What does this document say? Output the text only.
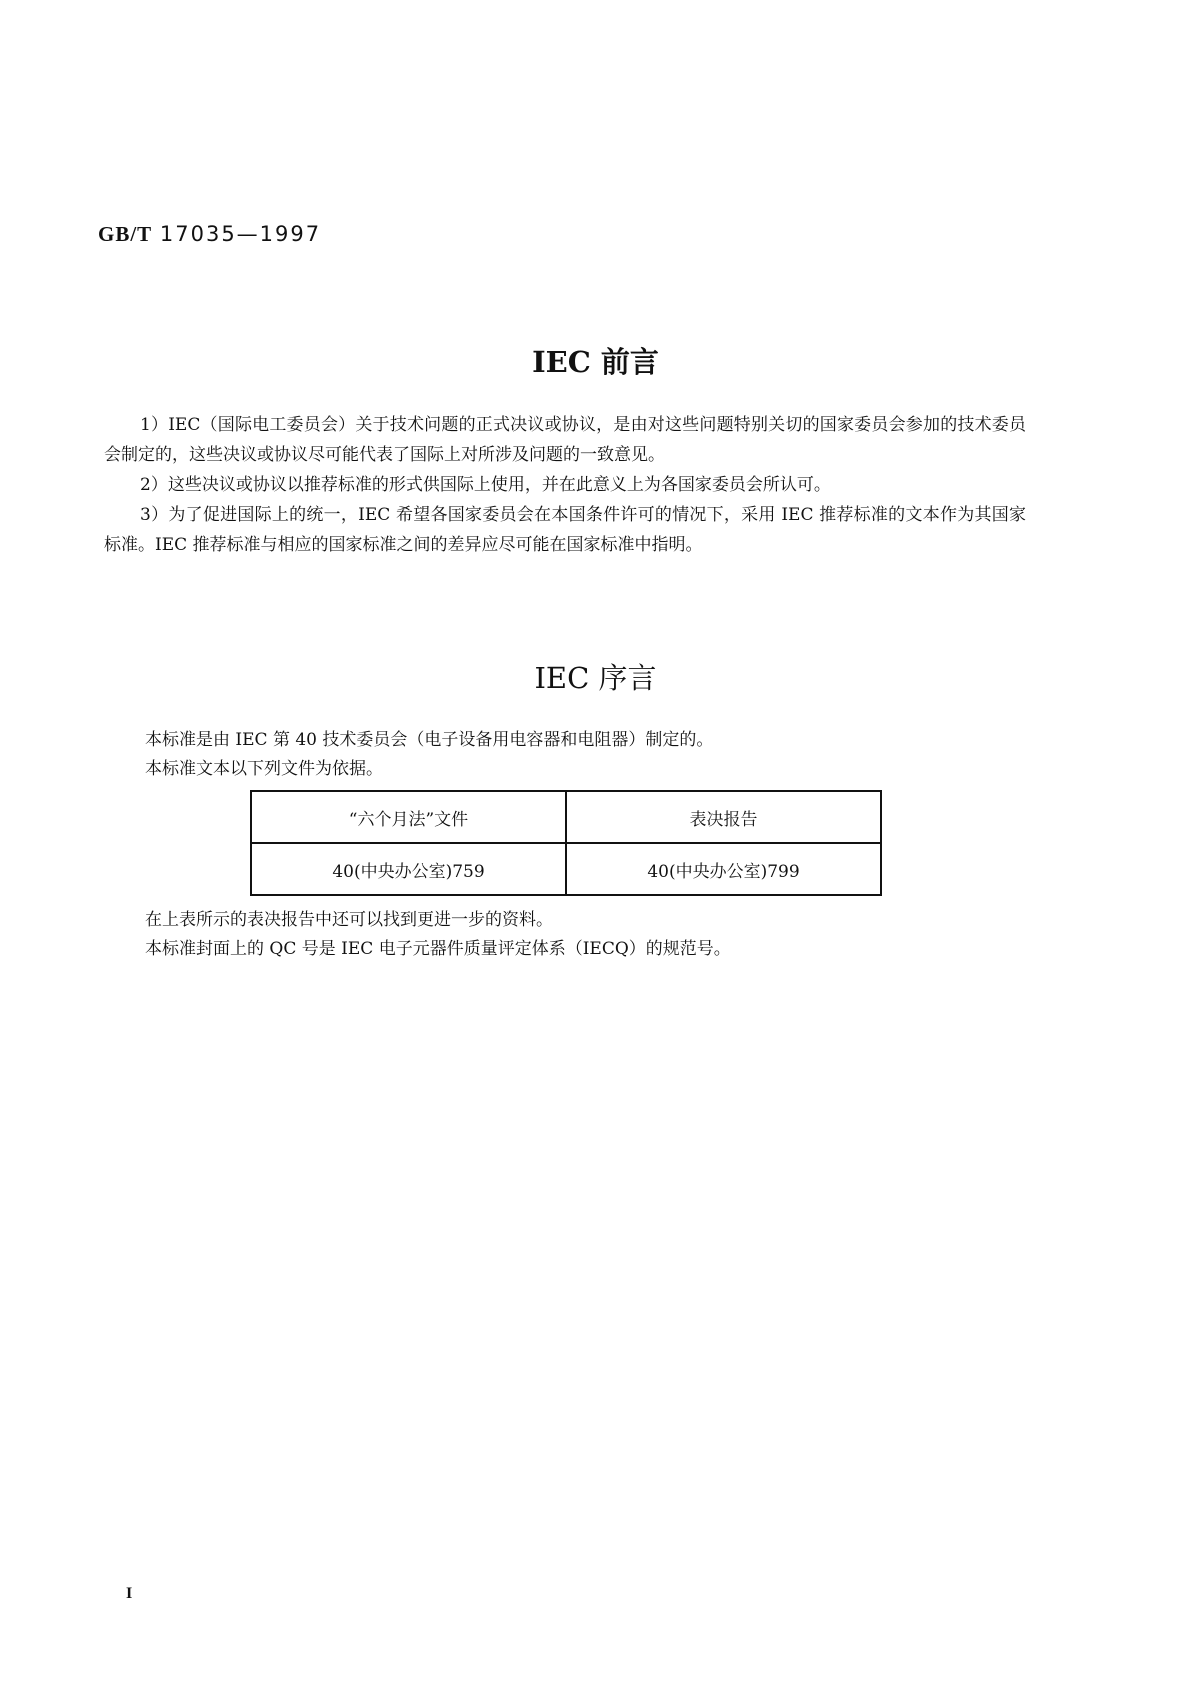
GB/T 17035—1997
IEC 前言
1）IEC（国际电工委员会）关于技术问题的正式决议或协议，是由对这些问题特别关切的国家委员会参加的技术委员会制定的，这些决议或协议尽可能代表了国际上对所涉及问题的一致意见。
2）这些决议或协议以推荐标准的形式供国际上使用，并在此意义上为各国家委员会所认可。
3）为了促进国际上的统一，IEC 希望各国家委员会在本国条件许可的情况下，采用 IEC 推荐标准的文本作为其国家标准。IEC 推荐标准与相应的国家标准之间的差异应尽可能在国家标准中指明。
IEC 序言
本标准是由 IEC 第 40 技术委员会（电子设备用电容器和电阻器）制定的。
本标准文本以下列文件为依据。
“六个月法”文件	表决报告
40(中央办公室)759	40(中央办公室)799
在上表所示的表决报告中还可以找到更进一步的资料。
本标准封面上的 QC 号是 IEC 电子元器件质量评定体系（IECQ）的规范号。
I
